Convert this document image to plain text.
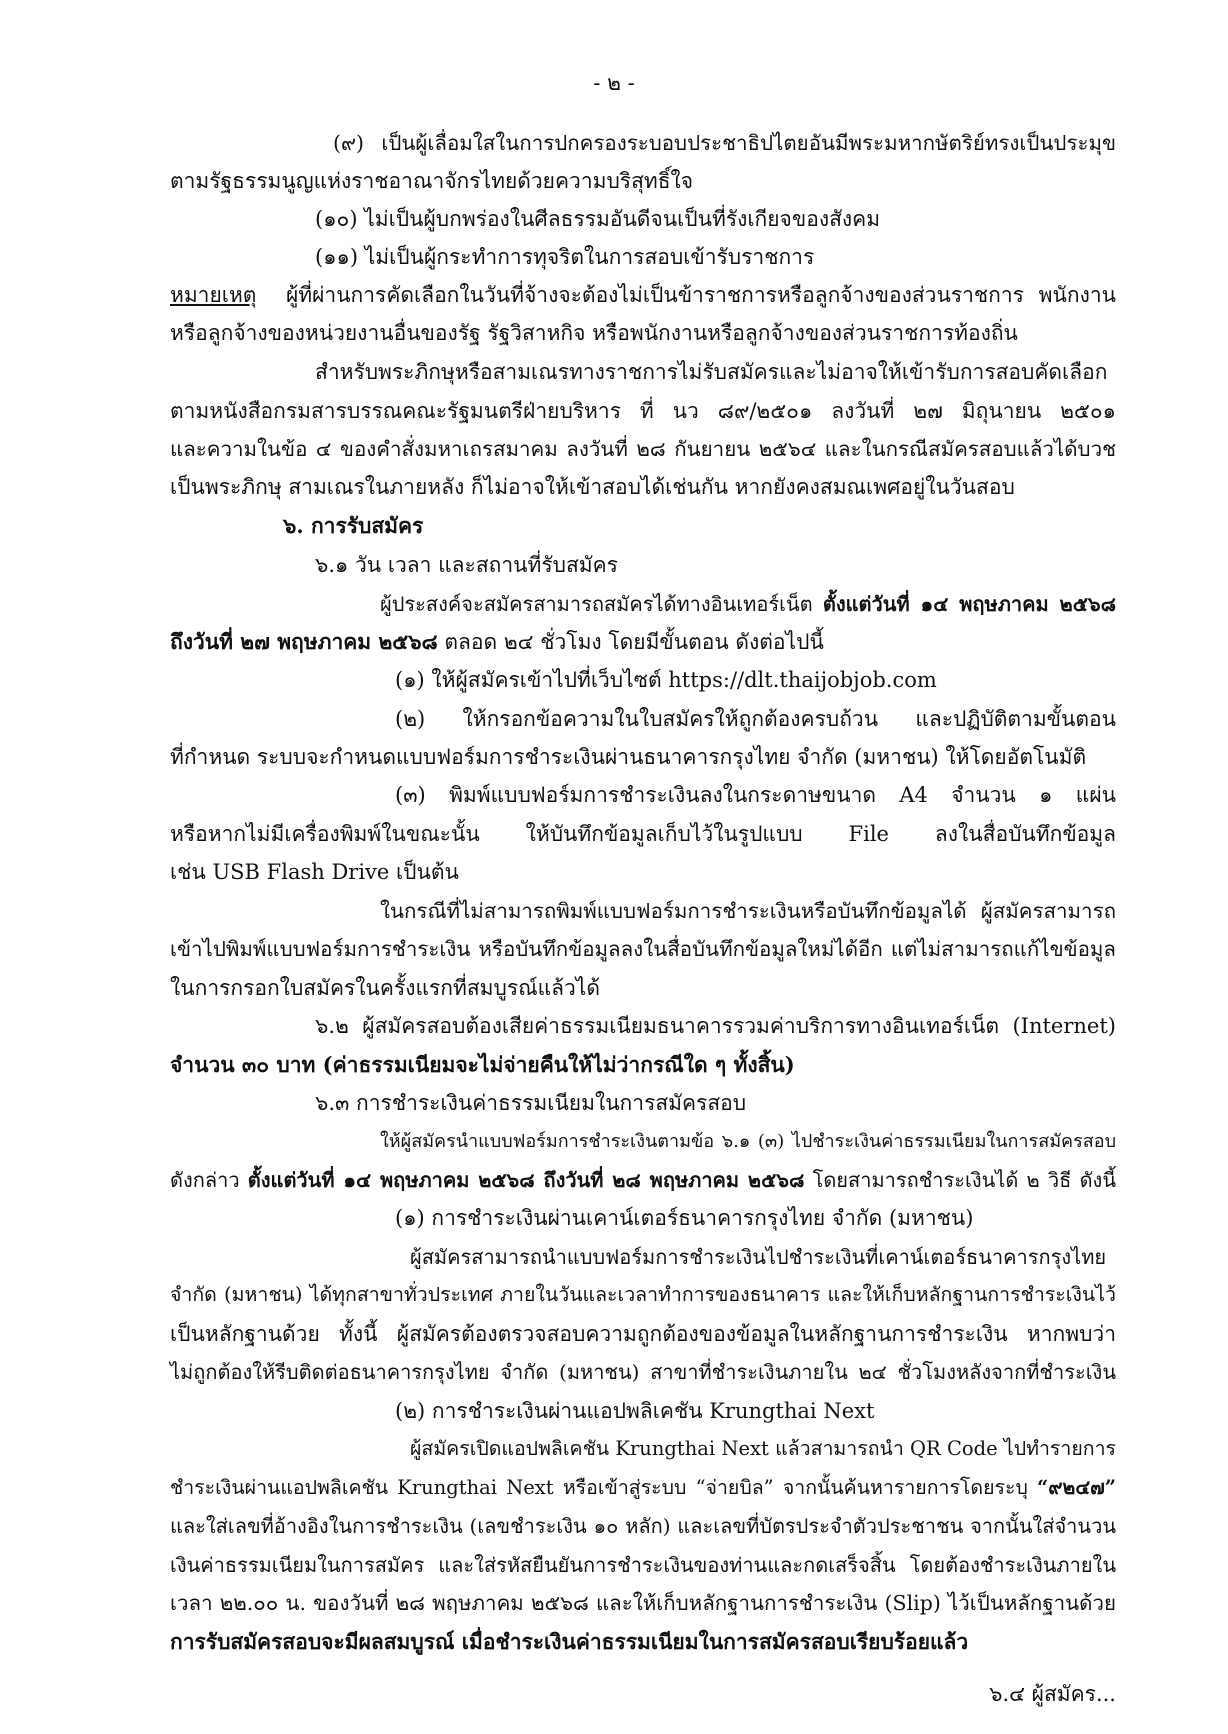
- ๒ -
(๙) เป็นผู้เลื่อมใสในการปกครองระบอบประชาธิปไตยอันมีพระมหากษัตริย์ทรงเป็นประมุข
ตามรัฐธรรมนูญแห่งราชอาณาจักรไทยด้วยความบริสุทธิ์ใจ
(๑๐) ไม่เป็นผู้บกพร่องในศีลธรรมอันดีจนเป็นที่รังเกียจของสังคม
(๑๑) ไม่เป็นผู้กระทำการทุจริตในการสอบเข้ารับราชการ
หมายเหตุ ผู้ที่ผ่านการคัดเลือกในวันที่จ้างจะต้องไม่เป็นข้าราชการหรือลูกจ้างของส่วนราชการ พนักงาน
หรือลูกจ้างของหน่วยงานอื่นของรัฐ รัฐวิสาหกิจ หรือพนักงานหรือลูกจ้างของส่วนราชการท้องถิ่น
สำหรับพระภิกษุหรือสามเณรทางราชการไม่รับสมัครและไม่อาจให้เข้ารับการสอบคัดเลือก
ตามหนังสือกรมสารบรรณคณะรัฐมนตรีฝ่ายบริหาร ที่ นว ๘๙/๒๕๐๑ ลงวันที่ ๒๗ มิถุนายน ๒๕๐๑
และความในข้อ ๔ ของคำสั่งมหาเถรสมาคม ลงวันที่ ๒๘ กันยายน ๒๕๖๔ และในกรณีสมัครสอบแล้วได้บวช
เป็นพระภิกษุ สามเณรในภายหลัง ก็ไม่อาจให้เข้าสอบได้เช่นกัน หากยังคงสมณเพศอยู่ในวันสอบ
๖. การรับสมัคร
๖.๑ วัน เวลา และสถานที่รับสมัคร
ผู้ประสงค์จะสมัครสามารถสมัครได้ทางอินเทอร์เน็ต ตั้งแต่วันที่ ๑๔ พฤษภาคม ๒๕๖๘
ถึงวันที่ ๒๗ พฤษภาคม ๒๕๖๘ ตลอด ๒๔ ชั่วโมง โดยมีขั้นตอน ดังต่อไปนี้
(๑) ให้ผู้สมัครเข้าไปที่เว็บไซต์ https://dlt.thaijobjob.com
(๒) ให้กรอกข้อความในใบสมัครให้ถูกต้องครบถ้วน และปฏิบัติตามขั้นตอน
ที่กำหนด ระบบจะกำหนดแบบฟอร์มการชำระเงินผ่านธนาคารกรุงไทย จำกัด (มหาชน) ให้โดยอัตโนมัติ
(๓) พิมพ์แบบฟอร์มการชำระเงินลงในกระดาษขนาด A4 จำนวน ๑ แผ่น
หรือหากไม่มีเครื่องพิมพ์ในขณะนั้น ให้บันทึกข้อมูลเก็บไว้ในรูปแบบ File ลงในสื่อบันทึกข้อมูล
เช่น USB Flash Drive เป็นต้น
ในกรณีที่ไม่สามารถพิมพ์แบบฟอร์มการชำระเงินหรือบันทึกข้อมูลได้ ผู้สมัครสามารถ
เข้าไปพิมพ์แบบฟอร์มการชำระเงิน หรือบันทึกข้อมูลลงในสื่อบันทึกข้อมูลใหม่ได้อีก แต่ไม่สามารถแก้ไขข้อมูล
ในการกรอกใบสมัครในครั้งแรกที่สมบูรณ์แล้วได้
๖.๒ ผู้สมัครสอบต้องเสียค่าธรรมเนียมธนาคารรวมค่าบริการทางอินเทอร์เน็ต (Internet)
จำนวน ๓๐ บาท (ค่าธรรมเนียมจะไม่จ่ายคืนให้ไม่ว่ากรณีใด ๆ ทั้งสิ้น)
๖.๓ การชำระเงินค่าธรรมเนียมในการสมัครสอบ
ให้ผู้สมัครนำแบบฟอร์มการชำระเงินตามข้อ ๖.๑ (๓) ไปชำระเงินค่าธรรมเนียมในการสมัครสอบ
ดังกล่าว ตั้งแต่วันที่ ๑๔ พฤษภาคม ๒๕๖๘ ถึงวันที่ ๒๘ พฤษภาคม ๒๕๖๘ โดยสามารถชำระเงินได้ ๒ วิธี ดังนี้
(๑) การชำระเงินผ่านเคาน์เตอร์ธนาคารกรุงไทย จำกัด (มหาชน)
ผู้สมัครสามารถนำแบบฟอร์มการชำระเงินไปชำระเงินที่เคาน์เตอร์ธนาคารกรุงไทย
จำกัด (มหาชน) ได้ทุกสาขาทั่วประเทศ ภายในวันและเวลาทำการของธนาคาร และให้เก็บหลักฐานการชำระเงินไว้
เป็นหลักฐานด้วย ทั้งนี้ ผู้สมัครต้องตรวจสอบความถูกต้องของข้อมูลในหลักฐานการชำระเงิน หากพบว่า
ไม่ถูกต้องให้รีบติดต่อธนาคารกรุงไทย จำกัด (มหาชน) สาขาที่ชำระเงินภายใน ๒๔ ชั่วโมงหลังจากที่ชำระเงิน
(๒) การชำระเงินผ่านแอปพลิเคชัน Krungthai Next
ผู้สมัครเปิดแอปพลิเคชัน Krungthai Next แล้วสามารถนำ QR Code ไปทำรายการ
ชำระเงินผ่านแอปพลิเคชัน Krungthai Next หรือเข้าสู่ระบบ “จ่ายบิล” จากนั้นค้นหารายการโดยระบุ “๙๒๔๗”
และใส่เลขที่อ้างอิงในการชำระเงิน (เลขชำระเงิน ๑๐ หลัก) และเลขที่บัตรประจำตัวประชาชน จากนั้นใส่จำนวน
เงินค่าธรรมเนียมในการสมัคร และใส่รหัสยืนยันการชำระเงินของท่านและกดเสร็จสิ้น โดยต้องชำระเงินภายใน
เวลา ๒๒.๐๐ น. ของวันที่ ๒๘ พฤษภาคม ๒๕๖๘ และให้เก็บหลักฐานการชำระเงิน (Slip) ไว้เป็นหลักฐานด้วย
การรับสมัครสอบจะมีผลสมบูรณ์ เมื่อชำระเงินค่าธรรมเนียมในการสมัครสอบเรียบร้อยแล้ว
๖.๔ ผู้สมัคร...
